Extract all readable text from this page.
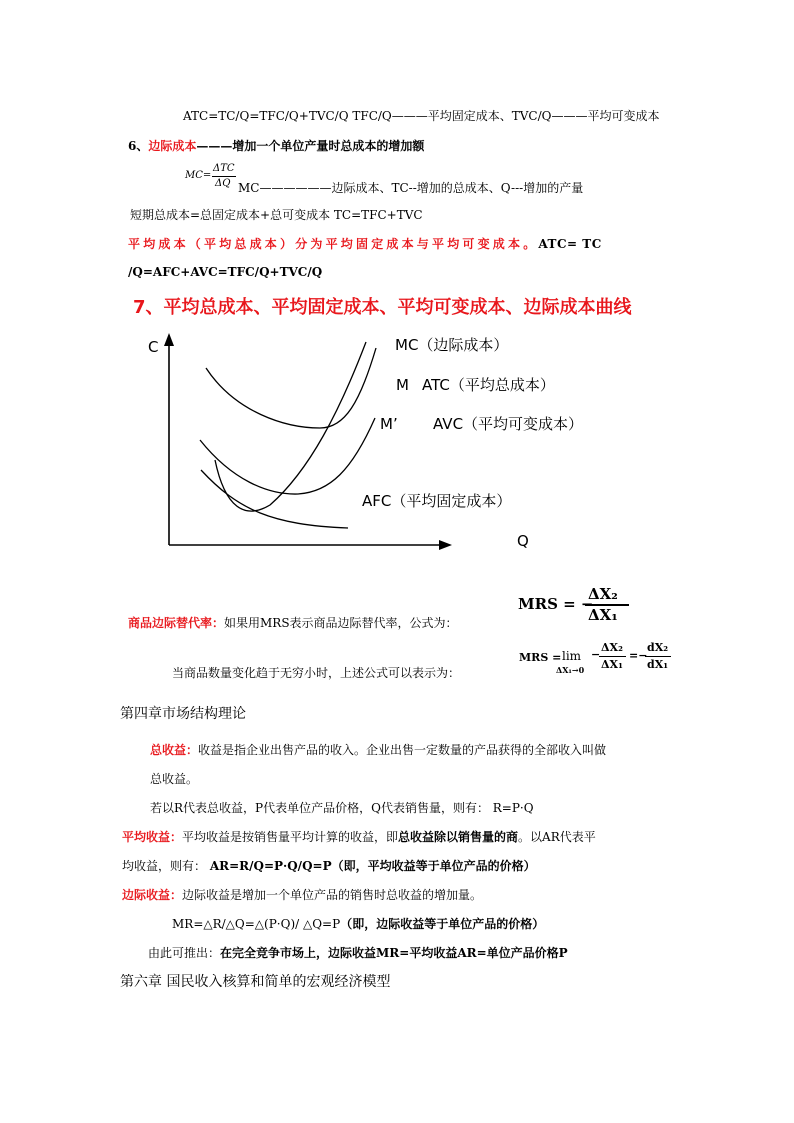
ATC=TC/Q=TFC/Q+TVC/Q TFC/Q———平均固定成本、TVC/Q———平均可变成本
6、边际成本———增加一个单位产量时总成本的增加额
MC=
ΔTC
ΔQ MC——————边际成本、TC--增加的总成本、Q---增加的产量
短期总成本=总固定成本+总可变成本 TC=TFC+TVC
平均成本（平均总成本）分为平均固定成本与平均可变成本。ATC= TC
/Q=AFC+AVC=TFC/Q+TVC/Q
7、平均总成本、平均固定成本、平均可变成本、边际成本曲线
C
Q
MC（边际成本）
M ATC（平均总成本）
M’ AVC（平均可变成本）
AFC（平均固定成本）
商品边际替代率：如果用MRS表示商品边际替代率，公式为：
MRS = −
ΔX₂
ΔX₁
当商品数量变化趋于无穷小时，上述公式可以表示为：
MRS = lim
ΔX₁→0
−
ΔX₂
ΔX₁
=−
dX₂
dX₁
第四章市场结构理论
总收益：收益是指企业出售产品的收入。企业出售一定数量的产品获得的全部收入叫做
总收益。
若以R代表总收益，P代表单位产品价格，Q代表销售量，则有： R=P·Q
平均收益：平均收益是按销售量平均计算的收益，即总收益除以销售量的商。以AR代表平
均收益，则有： AR=R/Q=P·Q/Q=P（即，平均收益等于单位产品的价格）
边际收益：边际收益是增加一个单位产品的销售时总收益的增加量。
MR=△R/△Q=△(P·Q)/ △Q=P（即，边际收益等于单位产品的价格）
由此可推出：在完全竞争市场上，边际收益MR=平均收益AR=单位产品价格P
第六章 国民收入核算和简单的宏观经济模型
